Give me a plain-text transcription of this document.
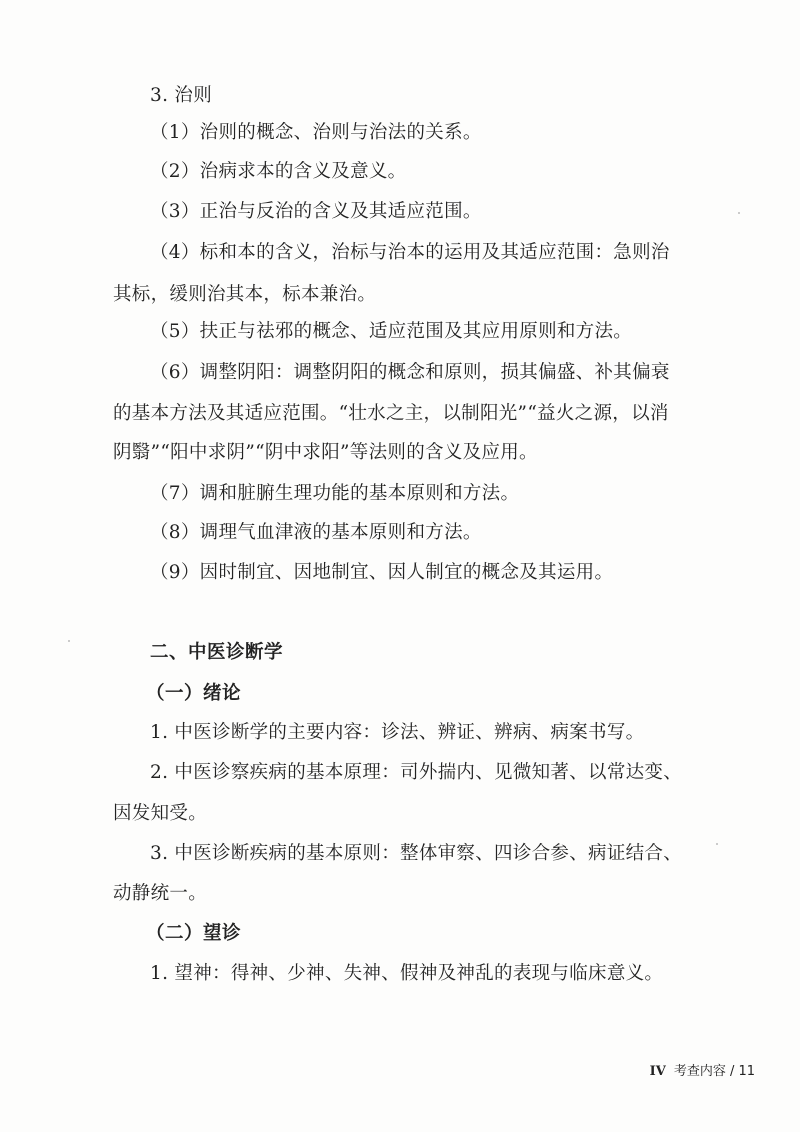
3. 治则
（1）治则的概念、治则与治法的关系。
（2）治病求本的含义及意义。
（3）正治与反治的含义及其适应范围。
（4）标和本的含义，治标与治本的运用及其适应范围：急则治
其标，缓则治其本，标本兼治。
（5）扶正与祛邪的概念、适应范围及其应用原则和方法。
（6）调整阴阳：调整阴阳的概念和原则，损其偏盛、补其偏衰
的基本方法及其适应范围。“壮水之主，以制阳光”“益火之源，以消
阴翳”“阳中求阴”“阴中求阳”等法则的含义及应用。
（7）调和脏腑生理功能的基本原则和方法。
（8）调理气血津液的基本原则和方法。
（9）因时制宜、因地制宜、因人制宜的概念及其运用。
二、中医诊断学
（一）绪论
1. 中医诊断学的主要内容：诊法、辨证、辨病、病案书写。
2. 中医诊察疾病的基本原理：司外揣内、见微知著、以常达变、
因发知受。
3. 中医诊断疾病的基本原则：整体审察、四诊合参、病证结合、
动静统一。
（二）望诊
1. 望神：得神、少神、失神、假神及神乱的表现与临床意义。
IV 考查内容 / 11
